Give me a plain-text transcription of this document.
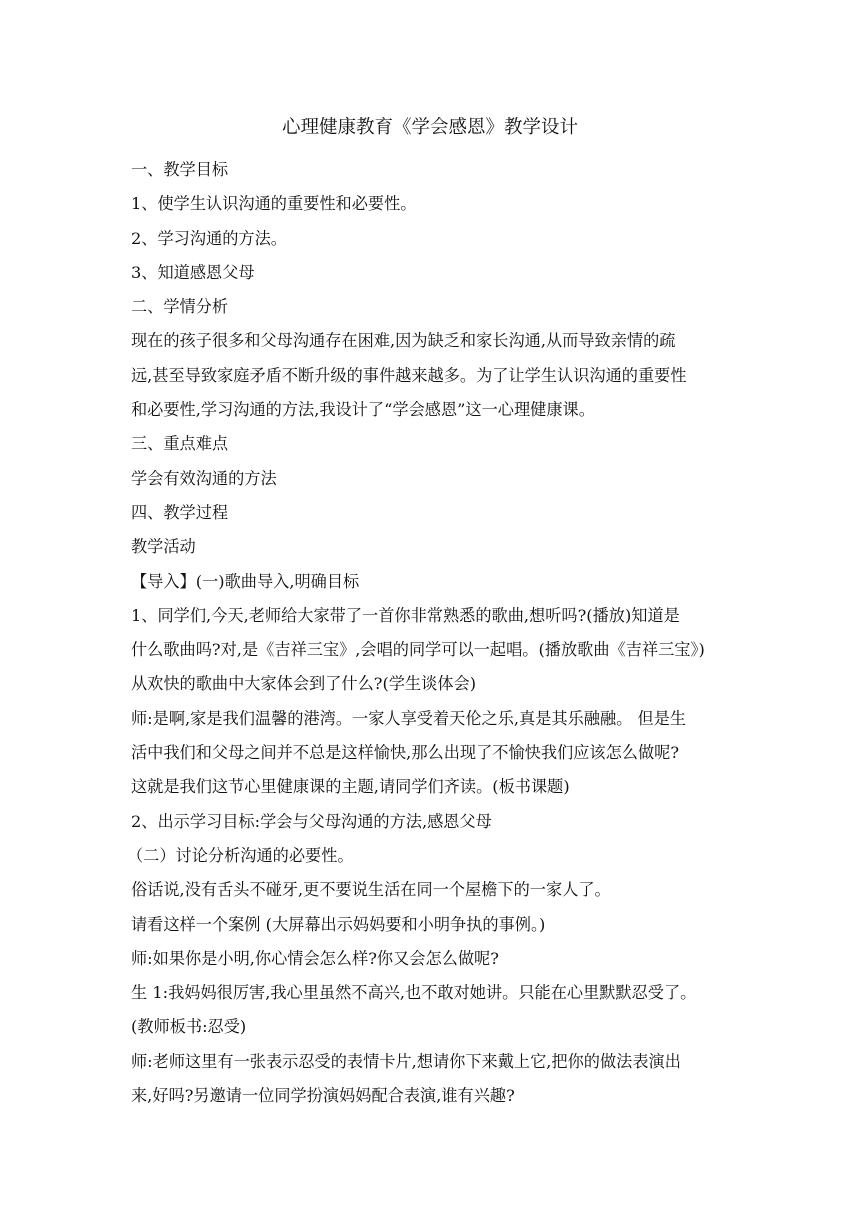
心理健康教育《学会感恩》教学设计
一、教学目标
1、使学生认识沟通的重要性和必要性。
2、学习沟通的方法。
3、知道感恩父母
二、学情分析
现在的孩子很多和父母沟通存在困难,因为缺乏和家长沟通,从而导致亲情的疏
远,甚至导致家庭矛盾不断升级的事件越来越多。为了让学生认识沟通的重要性
和必要性,学习沟通的方法,我设计了“学会感恩”这一心理健康课。
三、重点难点
学会有效沟通的方法
四、教学过程
教学活动
【导入】(一)歌曲导入,明确目标
1、同学们,今天,老师给大家带了一首你非常熟悉的歌曲,想听吗?(播放)知道是
什么歌曲吗?对,是《吉祥三宝》,会唱的同学可以一起唱。(播放歌曲《吉祥三宝》)
从欢快的歌曲中大家体会到了什么?(学生谈体会)
师:是啊,家是我们温馨的港湾。一家人享受着天伦之乐,真是其乐融融。 但是生
活中我们和父母之间并不总是这样愉快,那么出现了不愉快我们应该怎么做呢?
这就是我们这节心里健康课的主题,请同学们齐读。(板书课题)
2、出示学习目标:学会与父母沟通的方法,感恩父母
（二）讨论分析沟通的必要性。
俗话说,没有舌头不碰牙,更不要说生活在同一个屋檐下的一家人了。
请看这样一个案例 (大屏幕出示妈妈要和小明争执的事例。)
师:如果你是小明,你心情会怎么样?你又会怎么做呢?
生 1:我妈妈很厉害,我心里虽然不高兴,也不敢对她讲。只能在心里默默忍受了。
(教师板书:忍受)
师:老师这里有一张表示忍受的表情卡片,想请你下来戴上它,把你的做法表演出
来,好吗?另邀请一位同学扮演妈妈配合表演,谁有兴趣?
